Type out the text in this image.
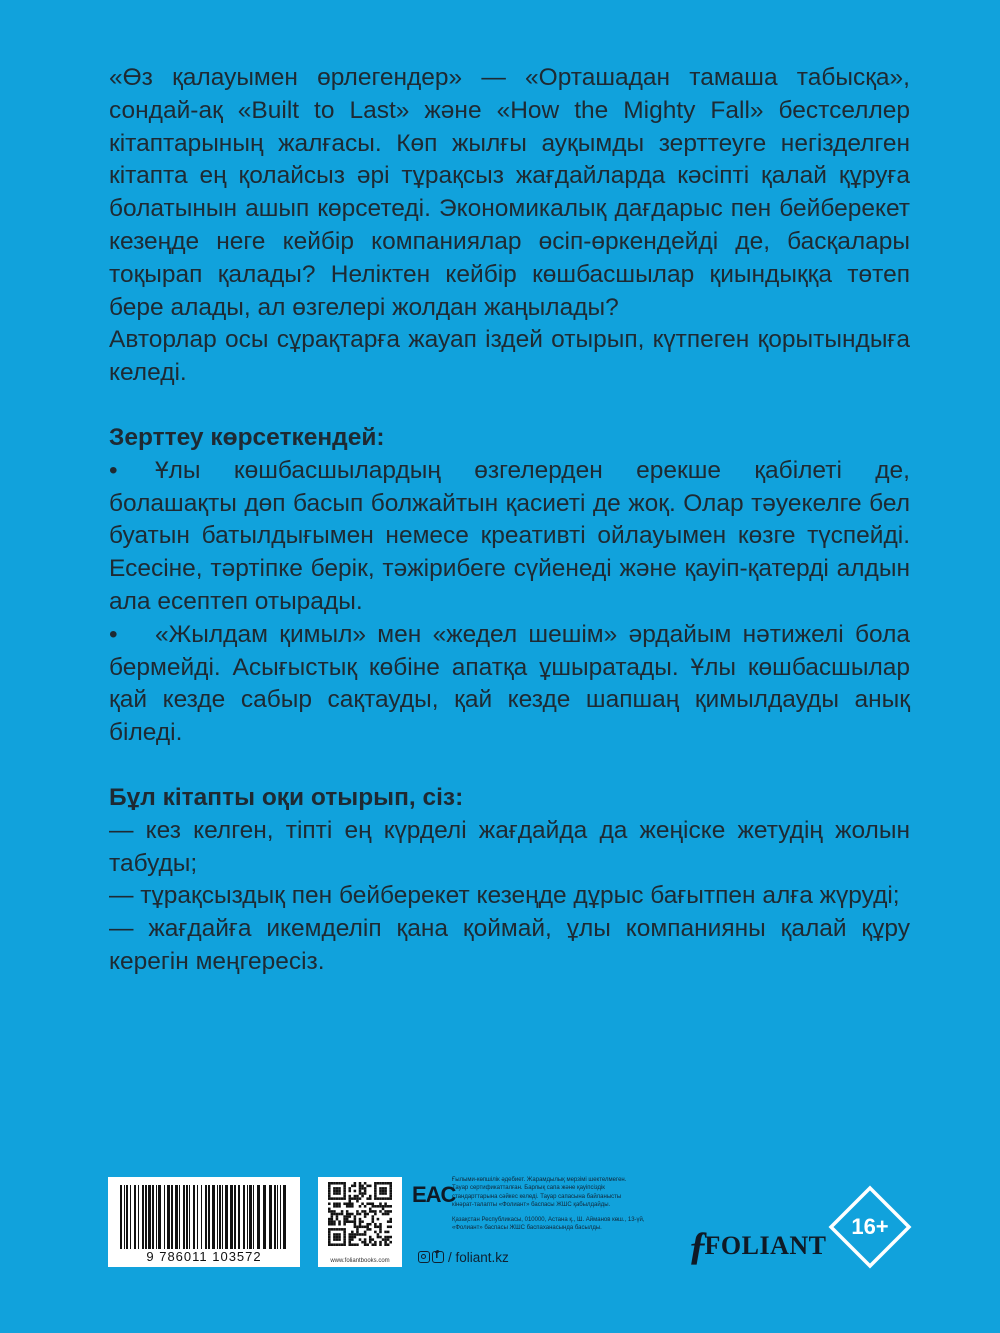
«Өз қалауымен өрлегендер» — «Орташадан тамаша табысқа», сондай-ақ «Built to Last» және «How the Mighty Fall» бестселлер кітаптарының жалғасы. Көп жылғы ауқымды зерттеуге негізделген кітапта ең қолайсыз әрі тұрақсыз жағдайларда кәсіпті қалай құруға болатынын ашып көрсетеді. Экономикалық дағдарыс пен бейберекет кезеңде неге кейбір компаниялар өсіп-өркендейді де, басқалары тоқырап қалады? Неліктен кейбір көшбасшылар қиындыққа төтеп бере алады, ал өзгелері жолдан жаңылады?

Авторлар осы сұрақтарға жауап іздей отырып, күтпеген қорытындыға келеді.

Зерттеу көрсеткендей:

• Ұлы көшбасшылардың өзгелерден ерекше қабілеті де, болашақты дөп басып болжайтын қасиеті де жоқ. Олар тәуекелге бел буатын батылдығымен немесе креативті ойлауымен көзге түспейді. Есесіне, тәртіпке берік, тәжірибеге сүйенеді және қауіп-қатерді алдын ала есептеп отырады.

• «Жылдам қимыл» мен «жедел шешім» әрдайым нәтижелі бола бермейді. Асығыстық көбіне апатқа ұшыратады. Ұлы көшбасшылар қай кезде сабыр сақтауды, қай кезде шапшаң қимылдауды анық біледі.

Бұл кітапты оқи отырып, сіз:

— кез келген, тіпті ең күрделі жағдайда да жеңіске жетудің жолын табуды;

— тұрақсыздық пен бейберекет кезеңде дұрыс бағытпен алға жүруді;

— жағдайға икемделіп қана қоймай, ұлы компанияны қалай құру керегін меңгересіз.

9 786011 103572	www.foliantbooks.com
EAC

Ғылыми-көпшілік әдебиет. Жарамдылық мерзімі шектелмеген.

Тауар сертификатталған. Барлық сапа және қауіпсіздік

стандарттарына сәйкес келеді. Тауар сапасына байланысты

кінәрат-талапты «Фолиант» баспасы ЖШС қабылдайды.

Қазақстан Республикасы, 010000, Астана қ., Ш. Айманов көш., 13-үй,

«Фолиант» баспасы ЖШС баспаханасында басылды.

f
/ foliant.kz	ƒFOLIANT
16+
